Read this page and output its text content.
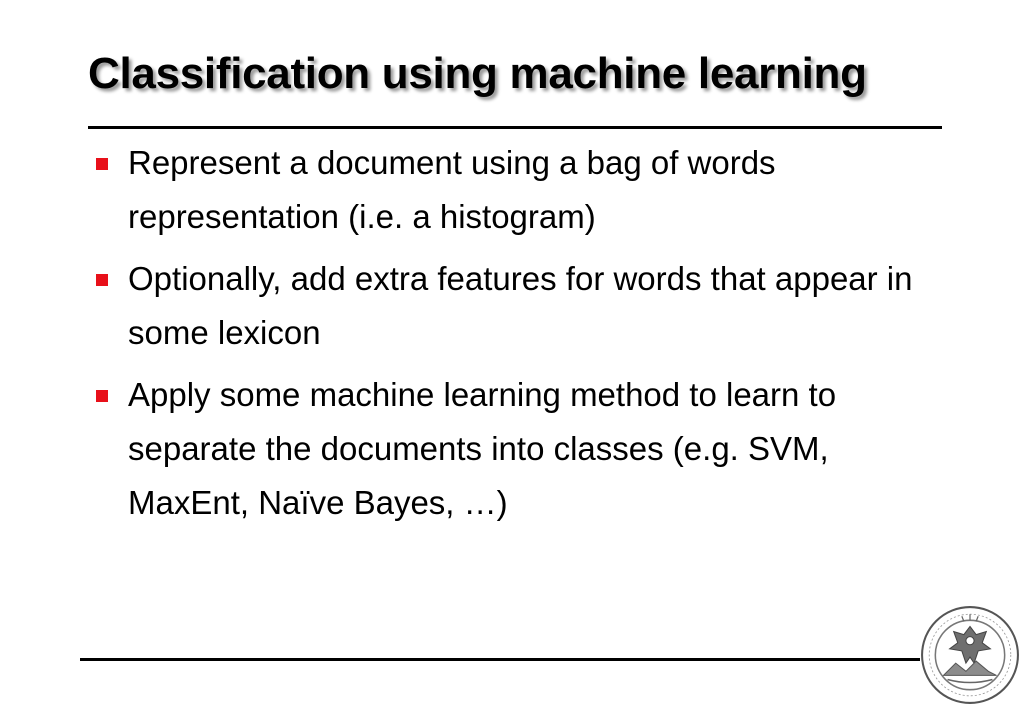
Classification using machine learning
Represent a document using a bag of words representation (i.e. a histogram)
Optionally, add extra features for words that appear in some lexicon
Apply some machine learning method to learn to separate the documents into classes (e.g. SVM, MaxEnt, Naïve Bayes, …)
